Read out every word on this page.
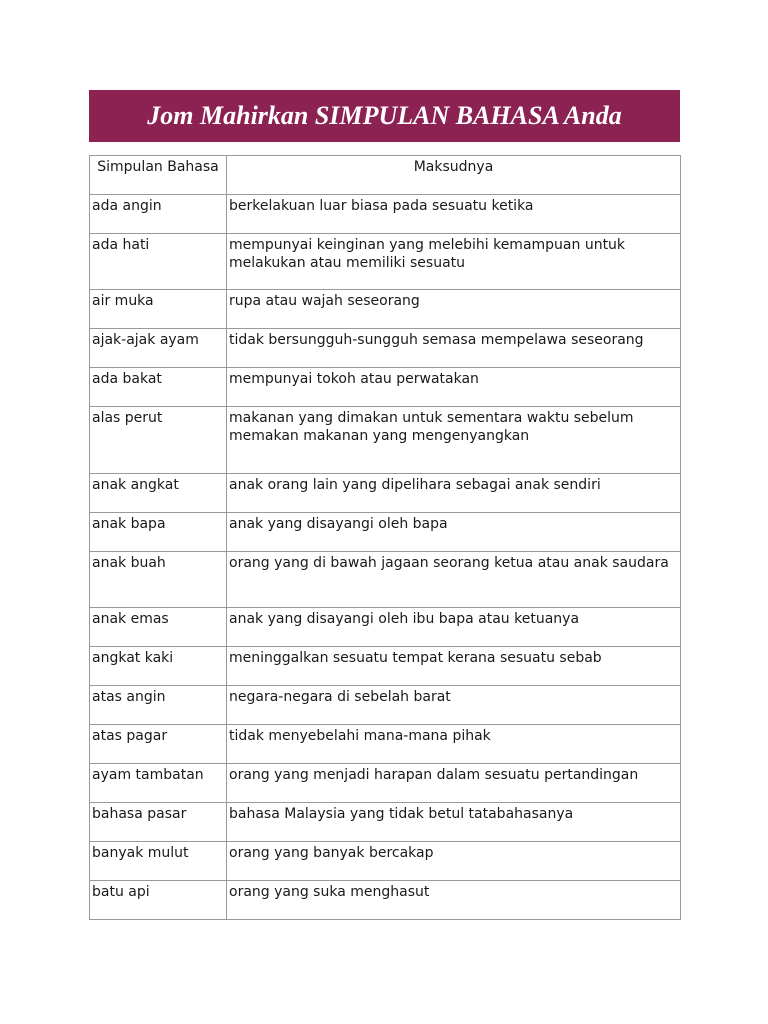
Jom Mahirkan SIMPULAN BAHASA Anda
Simpulan Bahasa	Maksudnya
ada angin	berkelakuan luar biasa pada sesuatu ketika
ada hati	mempunyai keinginan yang melebihi kemampuan untuk melakukan atau memiliki sesuatu
air muka	rupa atau wajah seseorang
ajak-ajak ayam	tidak bersungguh-sungguh semasa mempelawa seseorang
ada bakat	mempunyai tokoh atau perwatakan
alas perut	makanan yang dimakan untuk sementara waktu sebelum memakan makanan yang mengenyangkan
anak angkat	anak orang lain yang dipelihara sebagai anak sendiri
anak bapa	anak yang disayangi oleh bapa
anak buah	orang yang di bawah jagaan seorang ketua atau anak saudara
anak emas	anak yang disayangi oleh ibu bapa atau ketuanya
angkat kaki	meninggalkan sesuatu tempat kerana sesuatu sebab
atas angin	negara-negara di sebelah barat
atas pagar	tidak menyebelahi mana-mana pihak
ayam tambatan	orang yang menjadi harapan dalam sesuatu pertandingan
bahasa pasar	bahasa Malaysia yang tidak betul tatabahasanya
banyak mulut	orang yang banyak bercakap
batu api	orang yang suka menghasut
